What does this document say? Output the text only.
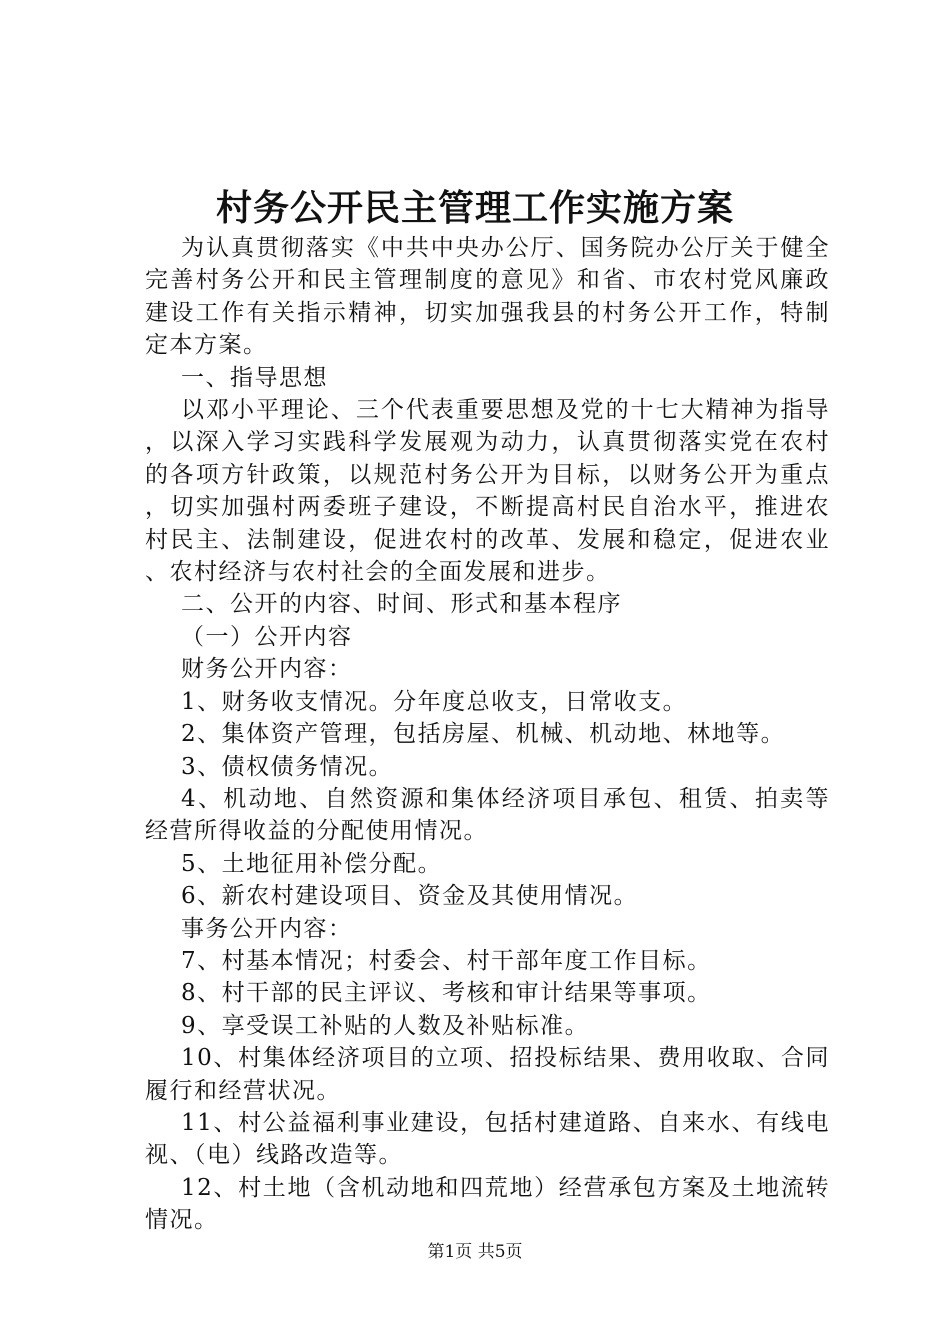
村务公开民主管理工作实施方案

为认真贯彻落实《中共中央办公厅、国务院办公厅关于健全完善村务公开和民主管理制度的意见》和省、市农村党风廉政建设工作有关指示精神，切实加强我县的村务公开工作，特制定本方案。

一、指导思想

以邓小平理论、三个代表重要思想及党的十七大精神为指导，以深入学习实践科学发展观为动力，认真贯彻落实党在农村的各项方针政策，以规范村务公开为目标，以财务公开为重点，切实加强村两委班子建设，不断提高村民自治水平，推进农村民主、法制建设，促进农村的改革、发展和稳定，促进农业、农村经济与农村社会的全面发展和进步。

二、公开的内容、时间、形式和基本程序

（一）公开内容

财务公开内容：

1、财务收支情况。分年度总收支，日常收支。

2、集体资产管理，包括房屋、机械、机动地、林地等。

3、债权债务情况。

4、机动地、自然资源和集体经济项目承包、租赁、拍卖等经营所得收益的分配使用情况。

5、土地征用补偿分配。

6、新农村建设项目、资金及其使用情况。

事务公开内容：

7、村基本情况；村委会、村干部年度工作目标。

8、村干部的民主评议、考核和审计结果等事项。

9、享受误工补贴的人数及补贴标准。

10、村集体经济项目的立项、招投标结果、费用收取、合同履行和经营状况。

11、村公益福利事业建设，包括村建道路、自来水、有线电视、（电）线路改造等。

12、村土地（含机动地和四荒地）经营承包方案及土地流转情况。

第1页 共5页
